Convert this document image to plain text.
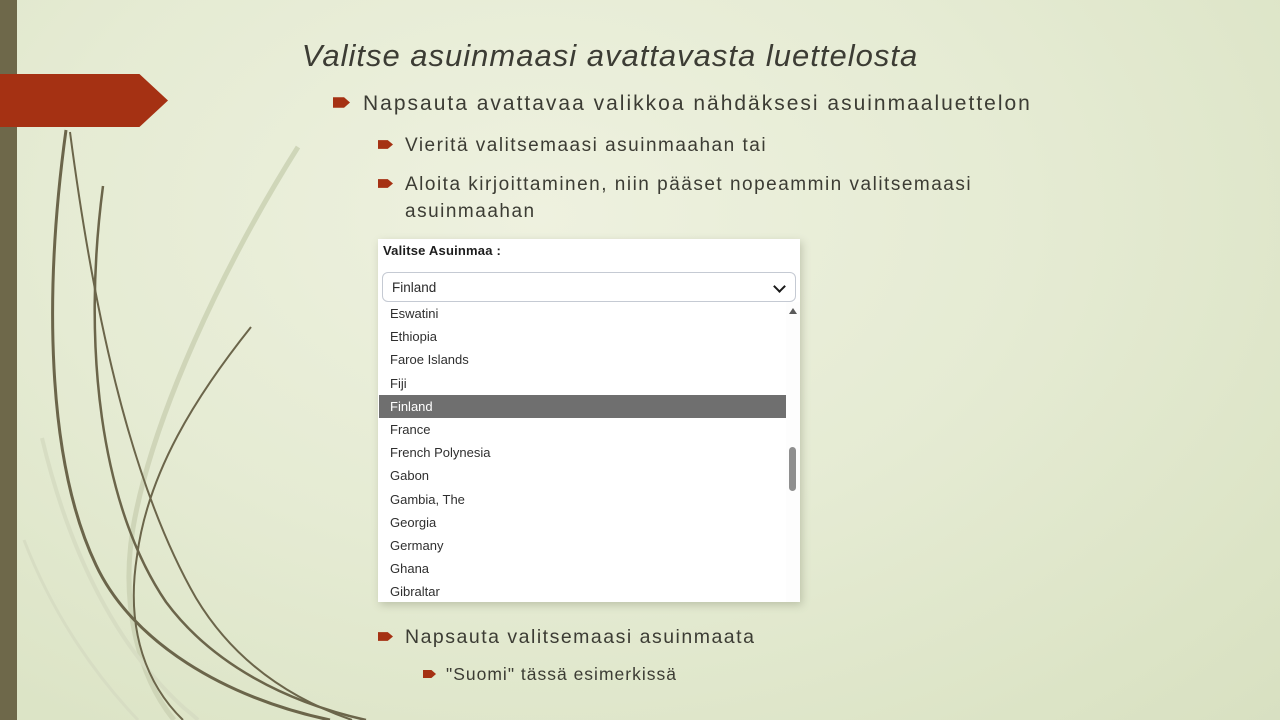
Valitse asuinmaasi avattavasta luettelosta
Napsauta avattavaa valikkoa nähdäksesi asuinmaaluettelon
Vieritä valitsemaasi asuinmaahan tai
Aloita kirjoittaminen, niin pääset nopeammin valitsemaasi asuinmaahan
Napsauta valitsemaasi asuinmaata
"Suomi" tässä esimerkissä
Valitse Asuinmaa :
Finland
Eswatini
Ethiopia
Faroe Islands
Fiji
Finland
France
French Polynesia
Gabon
Gambia, The
Georgia
Germany
Ghana
Gibraltar
